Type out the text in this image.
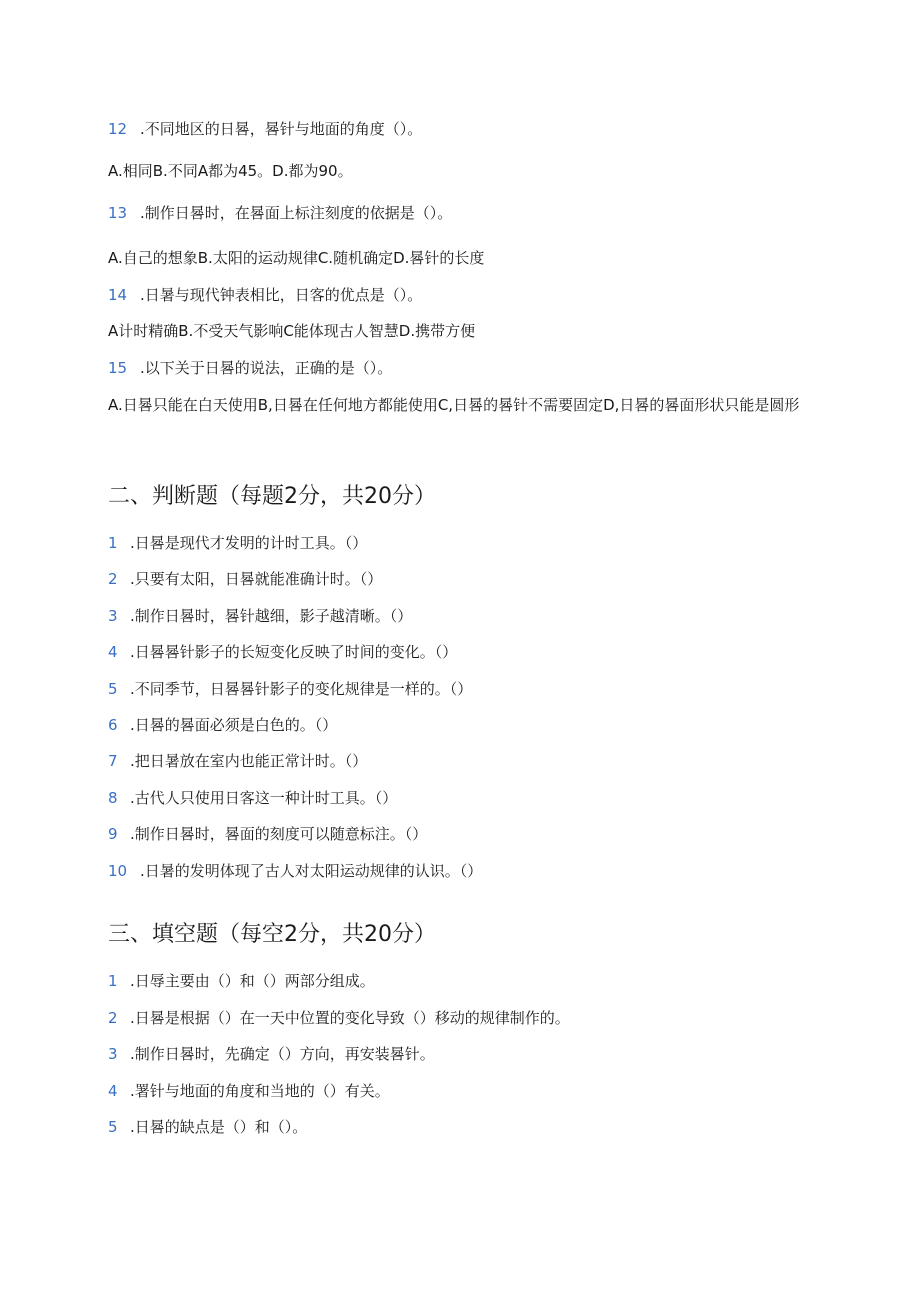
12 .不同地区的日晷，晷针与地面的角度（）。
A.相同B.不同A都为45。D.都为90。
13 .制作日晷时，在晷面上标注刻度的依据是（）。
A.自己的想象B.太阳的运动规律C.随机确定D.晷针的长度
14 .日暑与现代钟表相比，日客的优点是（）。
A计时精确B.不受天气影响C能体现古人智慧D.携带方便
15 .以下关于日晷的说法，正确的是（）。
A.日晷只能在白天使用B,日晷在任何地方都能使用C,日晷的晷针不需要固定D,日晷的晷面形状只能是圆形
二、判断题（每题2分，共20分）
1 .日晷是现代才发明的计时工具。（）
2 .只要有太阳，日晷就能准确计时。（）
3 .制作日晷时，晷针越细，影子越清晰。（）
4 .日晷晷针影子的长短变化反映了时间的变化。（）
5 .不同季节，日晷晷针影子的变化规律是一样的。（）
6 .日晷的晷面必须是白色的。（）
7 .把日暑放在室内也能正常计时。（）
8 .古代人只使用日客这一种计时工具。（）
9 .制作日晷时，晷面的刻度可以随意标注。（）
10 .日暑的发明体现了古人对太阳运动规律的认识。（）
三、填空题（每空2分，共20分）
1 .日辱主要由（）和（）两部分组成。
2 .日晷是根据（）在一天中位置的变化导致（）移动的规律制作的。
3 .制作日晷时，先确定（）方向，再安装晷针。
4 .署针与地面的角度和当地的（）有关。
5 .日晷的缺点是（）和（）。
